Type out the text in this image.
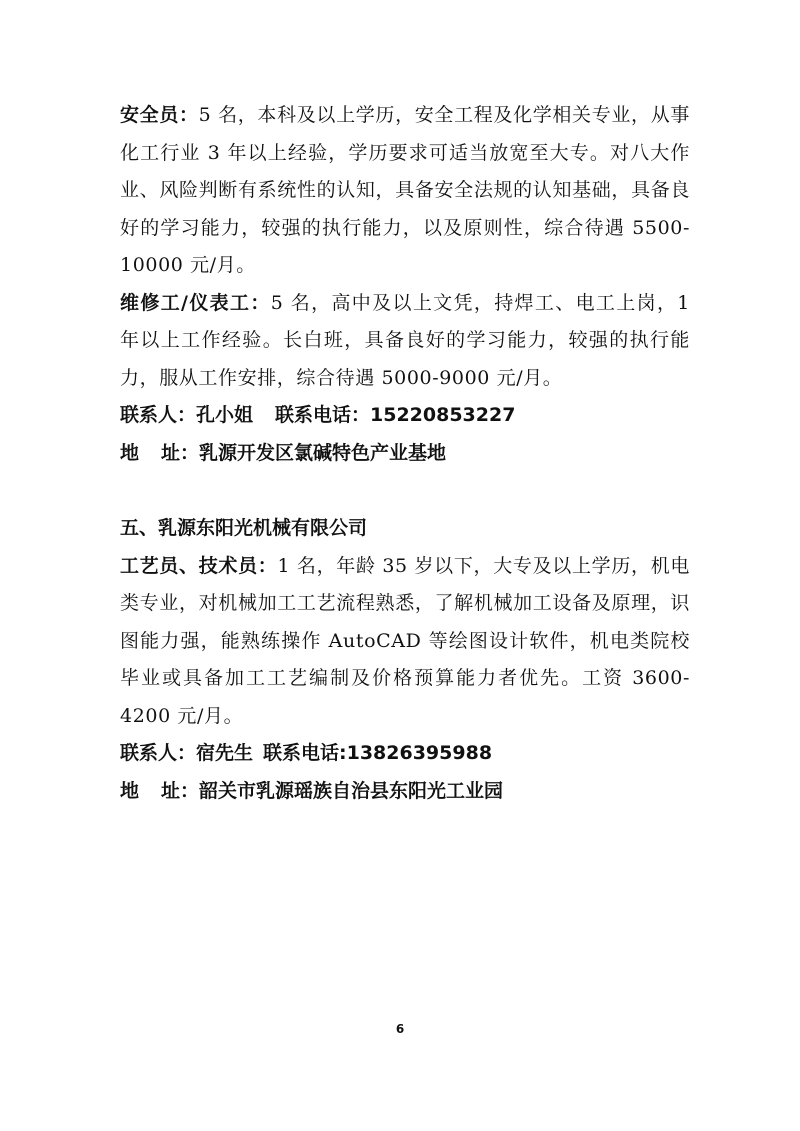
安全员：5 名，本科及以上学历，安全工程及化学相关专业，从事化工行业 3 年以上经验，学历要求可适当放宽至大专。对八大作业、风险判断有系统性的认知，具备安全法规的认知基础，具备良好的学习能力，较强的执行能力，以及原则性，综合待遇 5500-10000 元/月。

维修工/仪表工：5 名，高中及以上文凭，持焊工、电工上岗，1 年以上工作经验。长白班，具备良好的学习能力，较强的执行能力，服从工作安排，综合待遇 5000-9000 元/月。

联系人：孔小姐 联系电话：15220853227

地 址：乳源开发区氯碱特色产业基地

五、乳源东阳光机械有限公司

工艺员、技术员：1 名，年龄 35 岁以下，大专及以上学历，机电类专业，对机械加工工艺流程熟悉，了解机械加工设备及原理，识图能力强，能熟练操作 AutoCAD 等绘图设计软件，机电类院校毕业或具备加工工艺编制及价格预算能力者优先。工资 3600-4200 元/月。

联系人：宿先生 联系电话:13826395988

地 址：韶关市乳源瑶族自治县东阳光工业园

6
